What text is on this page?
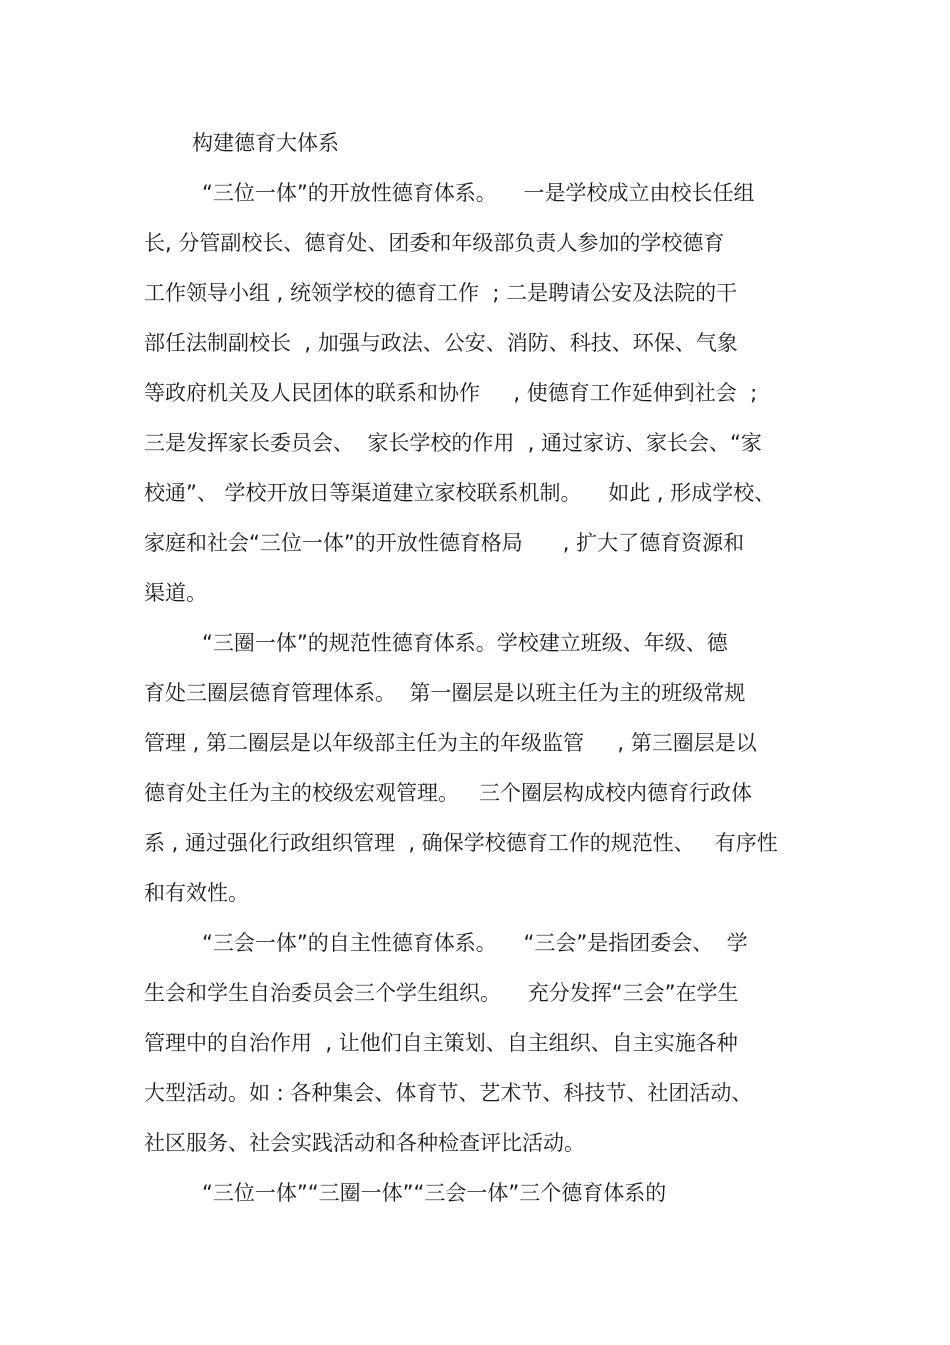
构建德育大体系
“三位一体”的开放性德育体系。    一是学校成立由校长任组
长, 分管副校长、德育处、团委和年级部负责人参加的学校德育
工作领导小组 , 统领学校的德育工作  ; 二是聘请公安及法院的干
部任法制副校长  , 加强与政法、公安、消防、科技、环保、气象
等政府机关及人民团体的联系和协作     , 使德育工作延伸到社会  ;
三是发挥家长委员会、  家长学校的作用  , 通过家访、家长会、“家
校通”、 学校开放日等渠道建立家校联系机制。    如此 , 形成学校、
家庭和社会“三位一体”的开放性德育格局      , 扩大了德育资源和
渠道。
“三圈一体”的规范性德育体系。学校建立班级、年级、德
育处三圈层德育管理体系。  第一圈层是以班主任为主的班级常规
管理 , 第二圈层是以年级部主任为主的年级监管     , 第三圈层是以
德育处主任为主的校级宏观管理。   三个圈层构成校内德育行政体
系 , 通过强化行政组织管理  , 确保学校德育工作的规范性、   有序性
和有效性。
“三会一体”的自主性德育体系。    “三会”是指团委会、  学
生会和学生自治委员会三个学生组织。    充分发挥“三会”在学生
管理中的自治作用  , 让他们自主策划、自主组织、自主实施各种
大型活动。如 : 各种集会、体育节、艺术节、科技节、社团活动、
社区服务、社会实践活动和各种检查评比活动。
“三位一体”“三圈一体”“三会一体”三个德育体系的
